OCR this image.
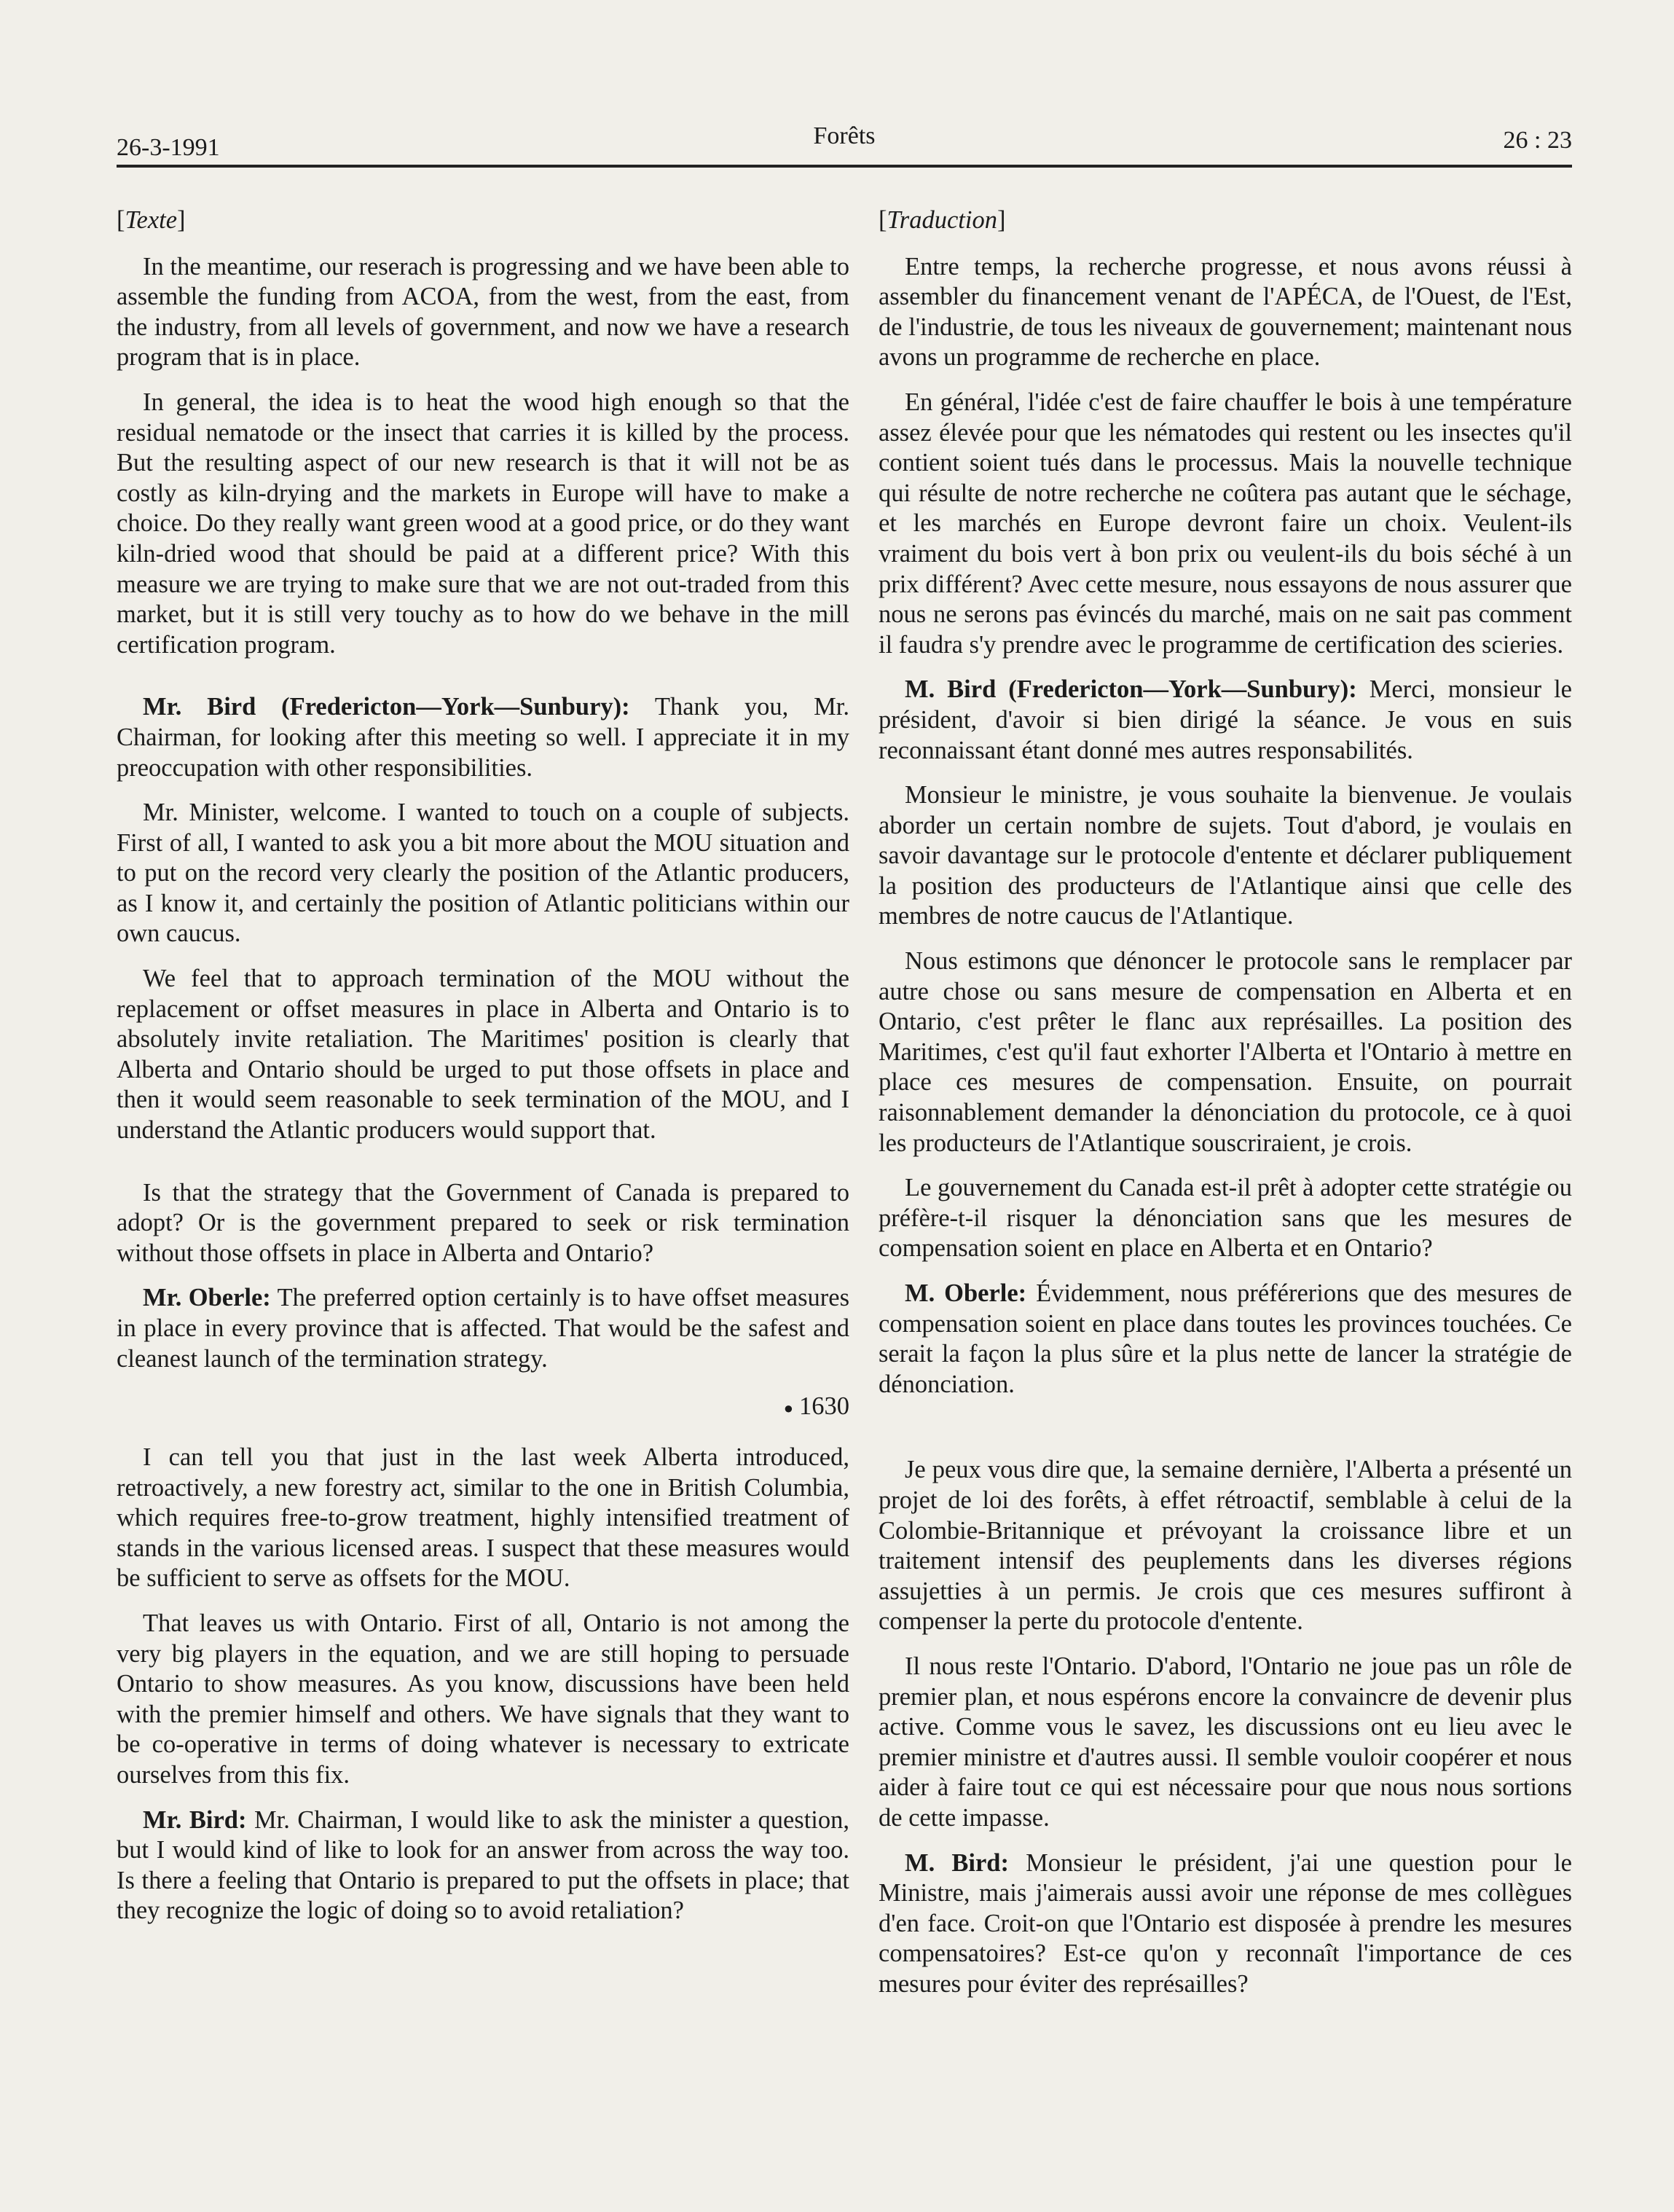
26-3-1991	Forêts	26 : 23
[Texte]

In the meantime, our reserach is progressing and we have been able to assemble the funding from ACOA, from the west, from the east, from the industry, from all levels of government, and now we have a research program that is in place.

In general, the idea is to heat the wood high enough so that the residual nematode or the insect that carries it is killed by the process. But the resulting aspect of our new research is that it will not be as costly as kiln-drying and the markets in Europe will have to make a choice. Do they really want green wood at a good price, or do they want kiln-dried wood that should be paid at a different price? With this measure we are trying to make sure that we are not out-traded from this market, but it is still very touchy as to how do we behave in the mill certification program.

Mr. Bird (Fredericton—York—Sunbury): Thank you, Mr. Chairman, for looking after this meeting so well. I appreciate it in my preoccupation with other responsibilities.

Mr. Minister, welcome. I wanted to touch on a couple of subjects. First of all, I wanted to ask you a bit more about the MOU situation and to put on the record very clearly the position of the Atlantic producers, as I know it, and certainly the position of Atlantic politicians within our own caucus.

We feel that to approach termination of the MOU without the replacement or offset measures in place in Alberta and Ontario is to absolutely invite retaliation. The Maritimes' position is clearly that Alberta and Ontario should be urged to put those offsets in place and then it would seem reasonable to seek termination of the MOU, and I understand the Atlantic producers would support that.

Is that the strategy that the Government of Canada is prepared to adopt? Or is the government prepared to seek or risk termination without those offsets in place in Alberta and Ontario?

Mr. Oberle: The preferred option certainly is to have offset measures in place in every province that is affected. That would be the safest and cleanest launch of the termination strategy.

● 1630

I can tell you that just in the last week Alberta introduced, retroactively, a new forestry act, similar to the one in British Columbia, which requires free-to-grow treatment, highly intensified treatment of stands in the various licensed areas. I suspect that these measures would be sufficient to serve as offsets for the MOU.

That leaves us with Ontario. First of all, Ontario is not among the very big players in the equation, and we are still hoping to persuade Ontario to show measures. As you know, discussions have been held with the premier himself and others. We have signals that they want to be co-operative in terms of doing whatever is necessary to extricate ourselves from this fix.

Mr. Bird: Mr. Chairman, I would like to ask the minister a question, but I would kind of like to look for an answer from across the way too. Is there a feeling that Ontario is prepared to put the offsets in place; that they recognize the logic of doing so to avoid retaliation?

[Traduction]

Entre temps, la recherche progresse, et nous avons réussi à assembler du financement venant de l'APÉCA, de l'Ouest, de l'Est, de l'industrie, de tous les niveaux de gouvernement; maintenant nous avons un programme de recherche en place.

En général, l'idée c'est de faire chauffer le bois à une température assez élevée pour que les nématodes qui restent ou les insectes qu'il contient soient tués dans le processus. Mais la nouvelle technique qui résulte de notre recherche ne coûtera pas autant que le séchage, et les marchés en Europe devront faire un choix. Veulent-ils vraiment du bois vert à bon prix ou veulent-ils du bois séché à un prix différent? Avec cette mesure, nous essayons de nous assurer que nous ne serons pas évincés du marché, mais on ne sait pas comment il faudra s'y prendre avec le programme de certification des scieries.

M. Bird (Fredericton—York—Sunbury): Merci, monsieur le président, d'avoir si bien dirigé la séance. Je vous en suis reconnaissant étant donné mes autres responsabilités.

Monsieur le ministre, je vous souhaite la bienvenue. Je voulais aborder un certain nombre de sujets. Tout d'abord, je voulais en savoir davantage sur le protocole d'entente et déclarer publiquement la position des producteurs de l'Atlantique ainsi que celle des membres de notre caucus de l'Atlantique.

Nous estimons que dénoncer le protocole sans le remplacer par autre chose ou sans mesure de compensation en Alberta et en Ontario, c'est prêter le flanc aux représailles. La position des Maritimes, c'est qu'il faut exhorter l'Alberta et l'Ontario à mettre en place ces mesures de compensation. Ensuite, on pourrait raisonnablement demander la dénonciation du protocole, ce à quoi les producteurs de l'Atlantique souscriraient, je crois.

Le gouvernement du Canada est-il prêt à adopter cette stratégie ou préfère-t-il risquer la dénonciation sans que les mesures de compensation soient en place en Alberta et en Ontario?

M. Oberle: Évidemment, nous préférerions que des mesures de compensation soient en place dans toutes les provinces touchées. Ce serait la façon la plus sûre et la plus nette de lancer la stratégie de dénonciation.

Je peux vous dire que, la semaine dernière, l'Alberta a présenté un projet de loi des forêts, à effet rétroactif, semblable à celui de la Colombie-Britannique et prévoyant la croissance libre et un traitement intensif des peuplements dans les diverses régions assujetties à un permis. Je crois que ces mesures suffiront à compenser la perte du protocole d'entente.

Il nous reste l'Ontario. D'abord, l'Ontario ne joue pas un rôle de premier plan, et nous espérons encore la convaincre de devenir plus active. Comme vous le savez, les discussions ont eu lieu avec le premier ministre et d'autres aussi. Il semble vouloir coopérer et nous aider à faire tout ce qui est nécessaire pour que nous nous sortions de cette impasse.

M. Bird: Monsieur le président, j'ai une question pour le Ministre, mais j'aimerais aussi avoir une réponse de mes collègues d'en face. Croit-on que l'Ontario est disposée à prendre les mesures compensatoires? Est-ce qu'on y reconnaît l'importance de ces mesures pour éviter des représailles?
